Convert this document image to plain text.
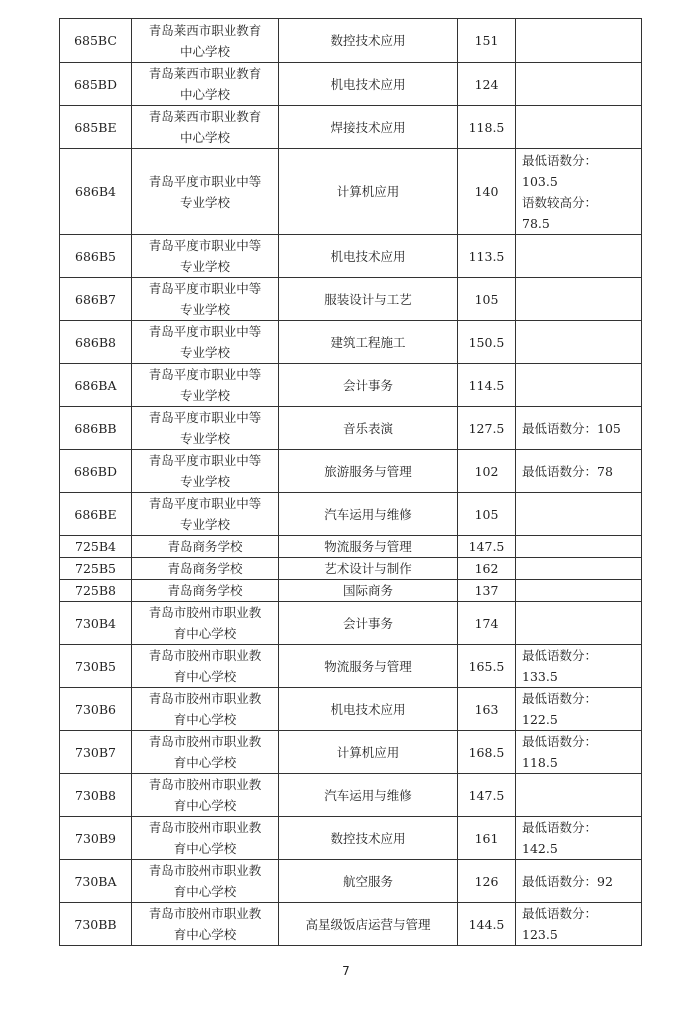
685BC	青岛莱西市职业教育
中心学校	数控技术应用	151	

685BD	青岛莱西市职业教育
中心学校	机电技术应用	124	

685BE	青岛莱西市职业教育
中心学校	焊接技术应用	118.5	

686B4	青岛平度市职业中等
专业学校	计算机应用	140	最低语数分：
103.5
语数较高分：
78.5

686B5	青岛平度市职业中等
专业学校	机电技术应用	113.5	

686B7	青岛平度市职业中等
专业学校	服装设计与工艺	105	

686B8	青岛平度市职业中等
专业学校	建筑工程施工	150.5	

686BA	青岛平度市职业中等
专业学校	会计事务	114.5	

686BB	青岛平度市职业中等
专业学校	音乐表演	127.5	最低语数分：105

686BD	青岛平度市职业中等
专业学校	旅游服务与管理	102	最低语数分：78

686BE	青岛平度市职业中等
专业学校	汽车运用与维修	105	

725B4	青岛商务学校	物流服务与管理	147.5	

725B5	青岛商务学校	艺术设计与制作	162	

725B8	青岛商务学校	国际商务	137	

730B4	青岛市胶州市职业教
育中心学校	会计事务	174	

730B5	青岛市胶州市职业教
育中心学校	物流服务与管理	165.5	最低语数分：
133.5

730B6	青岛市胶州市职业教
育中心学校	机电技术应用	163	最低语数分：
122.5

730B7	青岛市胶州市职业教
育中心学校	计算机应用	168.5	最低语数分：
118.5

730B8	青岛市胶州市职业教
育中心学校	汽车运用与维修	147.5	

730B9	青岛市胶州市职业教
育中心学校	数控技术应用	161	最低语数分：
142.5

730BA	青岛市胶州市职业教
育中心学校	航空服务	126	最低语数分：92

730BB	青岛市胶州市职业教
育中心学校	高星级饭店运营与管理	144.5	最低语数分：
123.5
7
